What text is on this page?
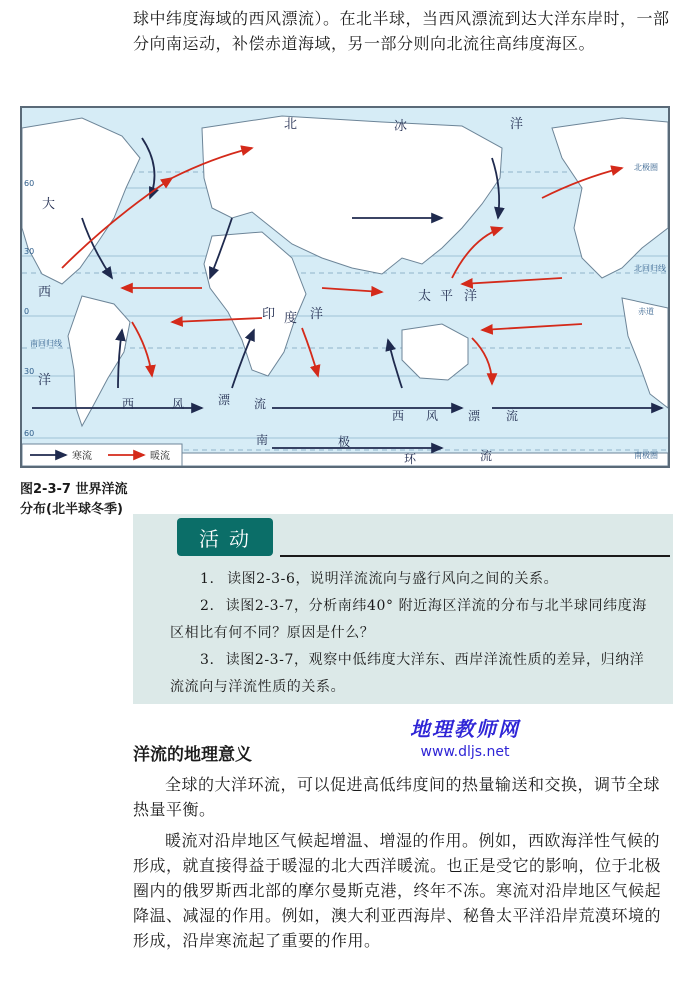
球中纬度海域的西风漂流）。在北半球，当西风漂流到达大洋东岸时，一部分向南运动，补偿赤道海域，另一部分则向北流往高纬度海区。
北	冰	洋
大
西
洋
太 平 洋
印 度 洋
西	风	漂 流
西 风 漂 流
南	极
环	流
60
30
0
30
60
赤道
北回归线
南回归线
北极圈
南极圈
寒流	暖流
图2-3-7 世界洋流分布(北半球冬季)
活动
1. 读图2-3-6，说明洋流流向与盛行风向之间的关系。
2. 读图2-3-7，分析南纬40° 附近海区洋流的分布与北半球同纬度海区相比有何不同？原因是什么？
3. 读图2-3-7，观察中低纬度大洋东、西岸洋流性质的差异，归纳洋流流向与洋流性质的关系。
地理教师网
www.dljs.net
洋流的地理意义
全球的大洋环流，可以促进高低纬度间的热量输送和交换，调节全球热量平衡。
暖流对沿岸地区气候起增温、增湿的作用。例如，西欧海洋性气候的形成，就直接得益于暖湿的北大西洋暖流。也正是受它的影响，位于北极圈内的俄罗斯西北部的摩尔曼斯克港，终年不冻。寒流对沿岸地区气候起降温、减湿的作用。例如，澳大利亚西海岸、秘鲁太平洋沿岸荒漠环境的形成，沿岸寒流起了重要的作用。
